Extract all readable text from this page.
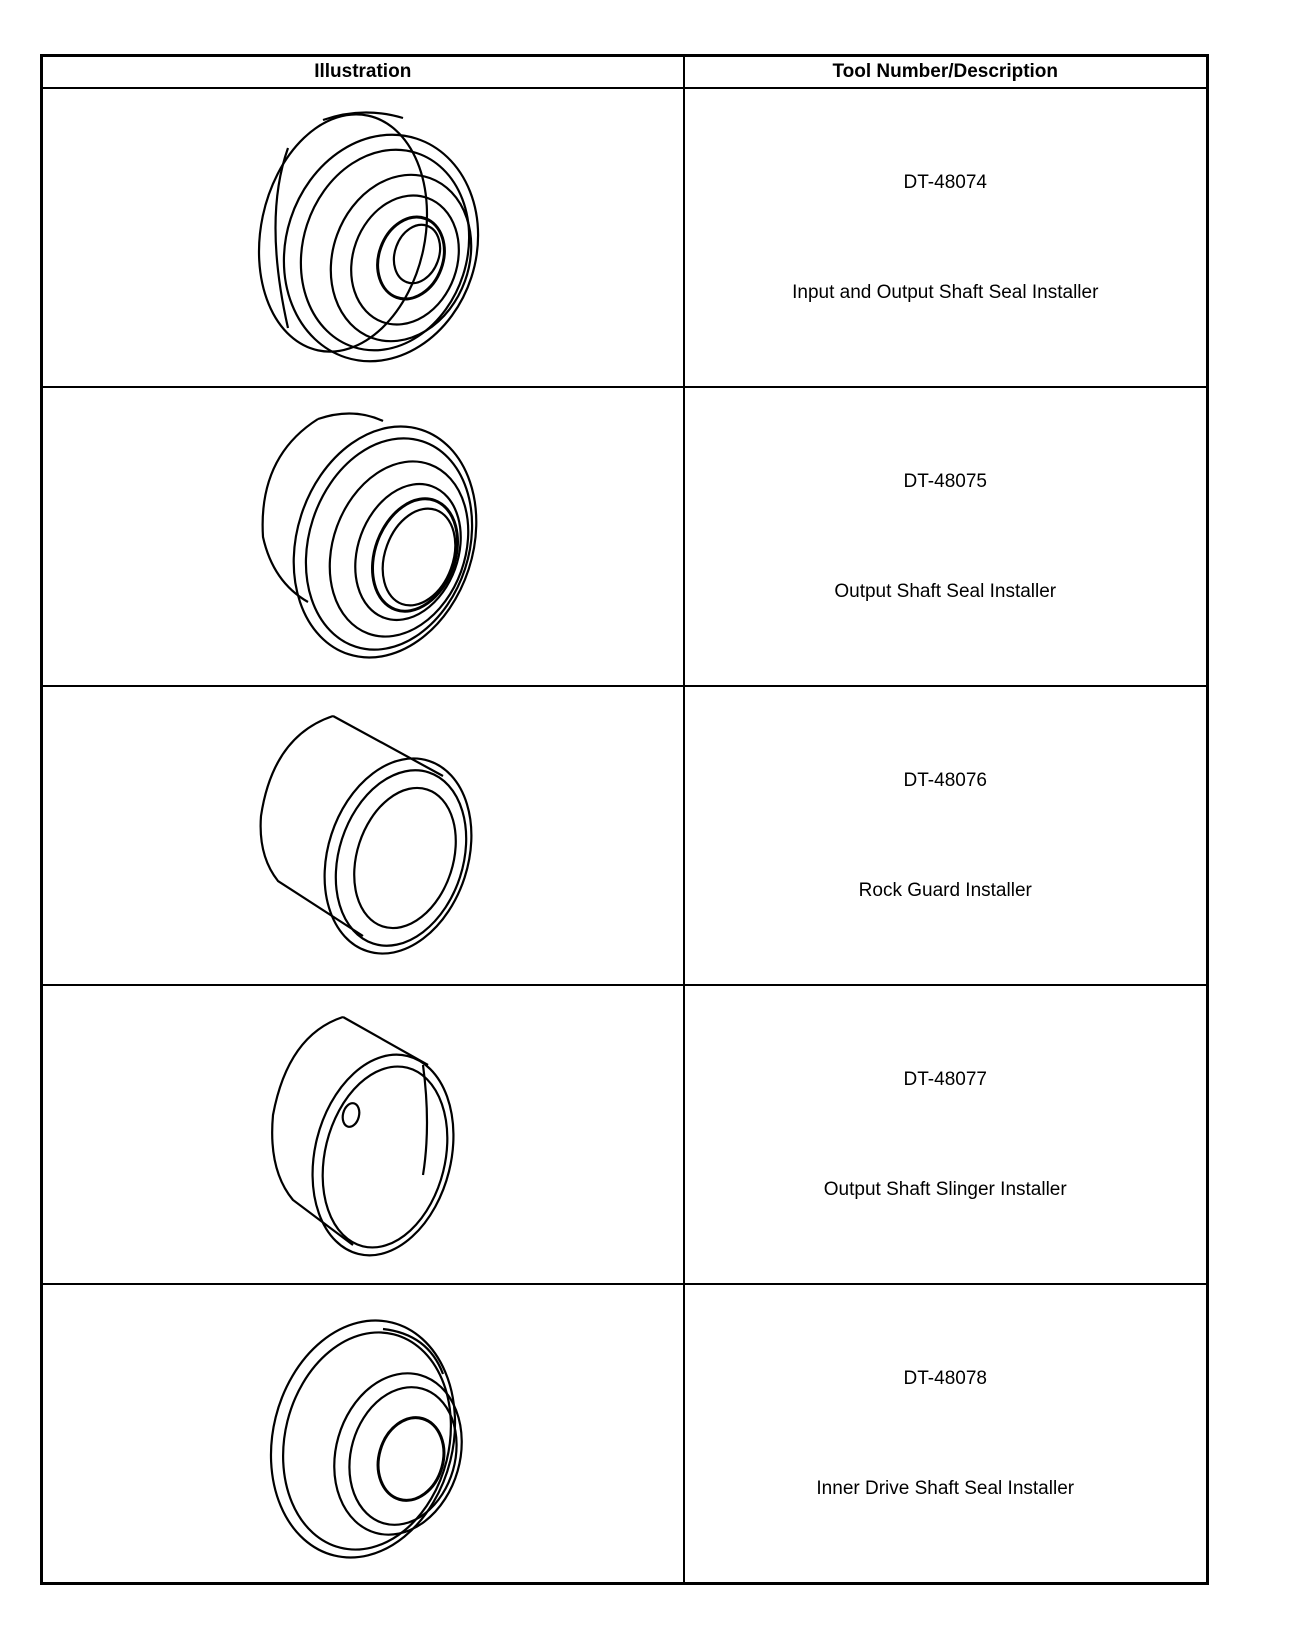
Illustration	Tool Number/Description

DT-48074
Input and Output Shaft Seal Installer

DT-48075
Output Shaft Seal Installer

DT-48076
Rock Guard Installer

DT-48077
Output Shaft Slinger Installer

DT-48078
Inner Drive Shaft Seal Installer
